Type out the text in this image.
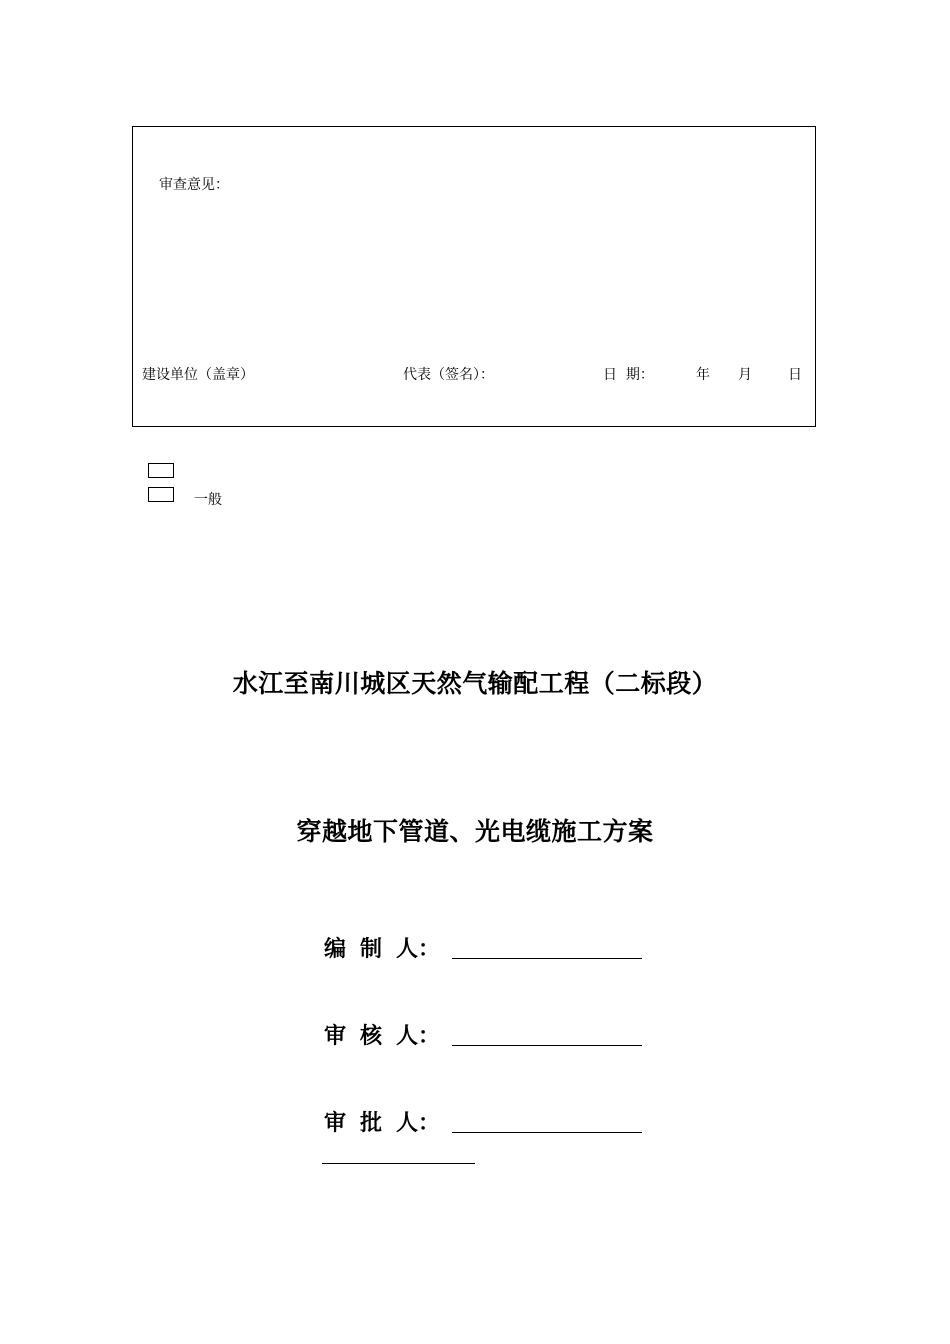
审查意见：
建设单位（盖章）	代表（签名）：	日  期：	年 月	日
一般
水江至南川城区天然气输配工程（二标段）
穿越地下管道、光电缆施工方案
编 制 人：
审 核 人：
审 批 人：
